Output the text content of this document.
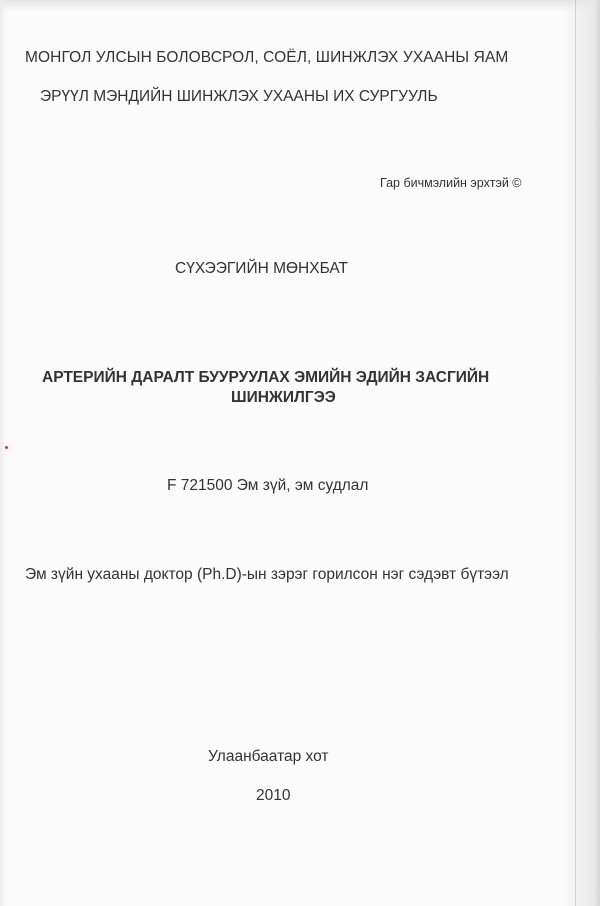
МОНГОЛ УЛСЫН БОЛОВСРОЛ, СОЁЛ, ШИНЖЛЭХ УХААНЫ ЯАМ

ЭРҮҮЛ МЭНДИЙН ШИНЖЛЭХ УХААНЫ ИХ СУРГУУЛЬ

Гар бичмэлийн эрхтэй ©

СҮХЭЭГИЙН МӨНХБАТ

АРТЕРИЙН ДАРАЛТ БУУРУУЛАХ ЭМИЙН ЭДИЙН ЗАСГИЙН
ШИНЖИЛГЭЭ

F 721500 Эм зүй, эм судлал

Эм зүйн ухааны доктор (Ph.D)-ын зэрэг горилсон нэг сэдэвт бүтээл

Улаанбаатар хот

2010
